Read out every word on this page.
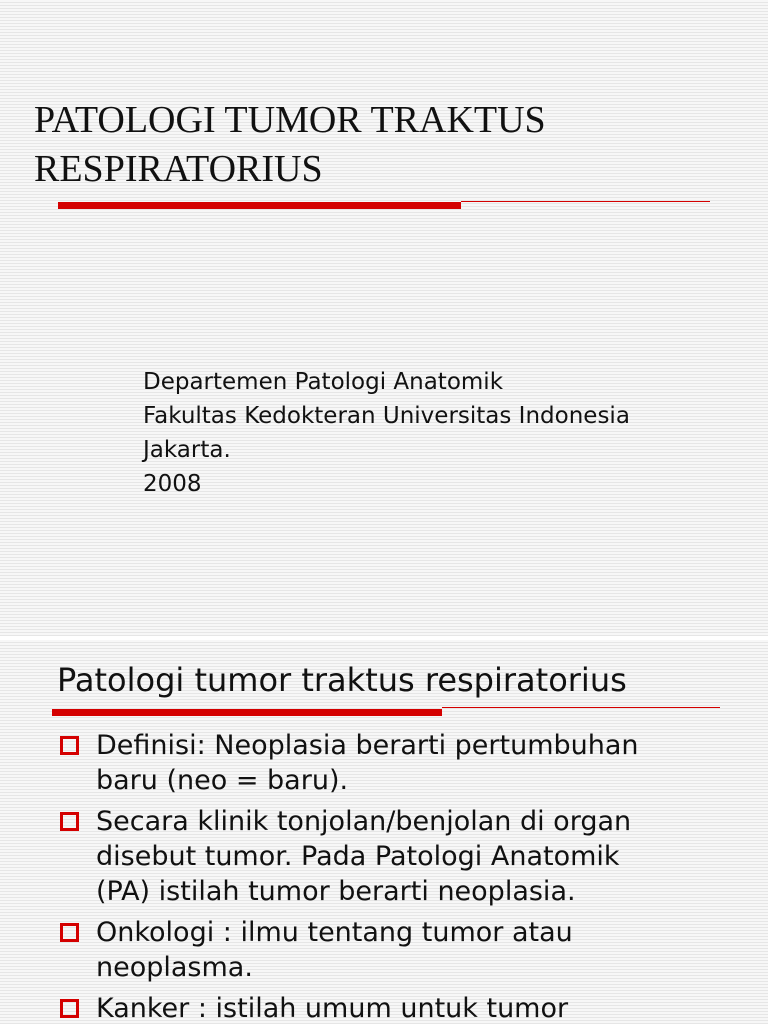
PATOLOGI TUMOR TRAKTUS
RESPIRATORIUS
Departemen Patologi Anatomik
Fakultas Kedokteran Universitas Indonesia
Jakarta.
2008
Patologi tumor traktus respiratorius
Definisi: Neoplasia berarti pertumbuhan
baru (neo = baru).
Secara klinik tonjolan/benjolan di organ
disebut tumor. Pada Patologi Anatomik
(PA) istilah tumor berarti neoplasia.
Onkologi : ilmu tentang tumor atau
neoplasma.
Kanker : istilah umum untuk tumor
